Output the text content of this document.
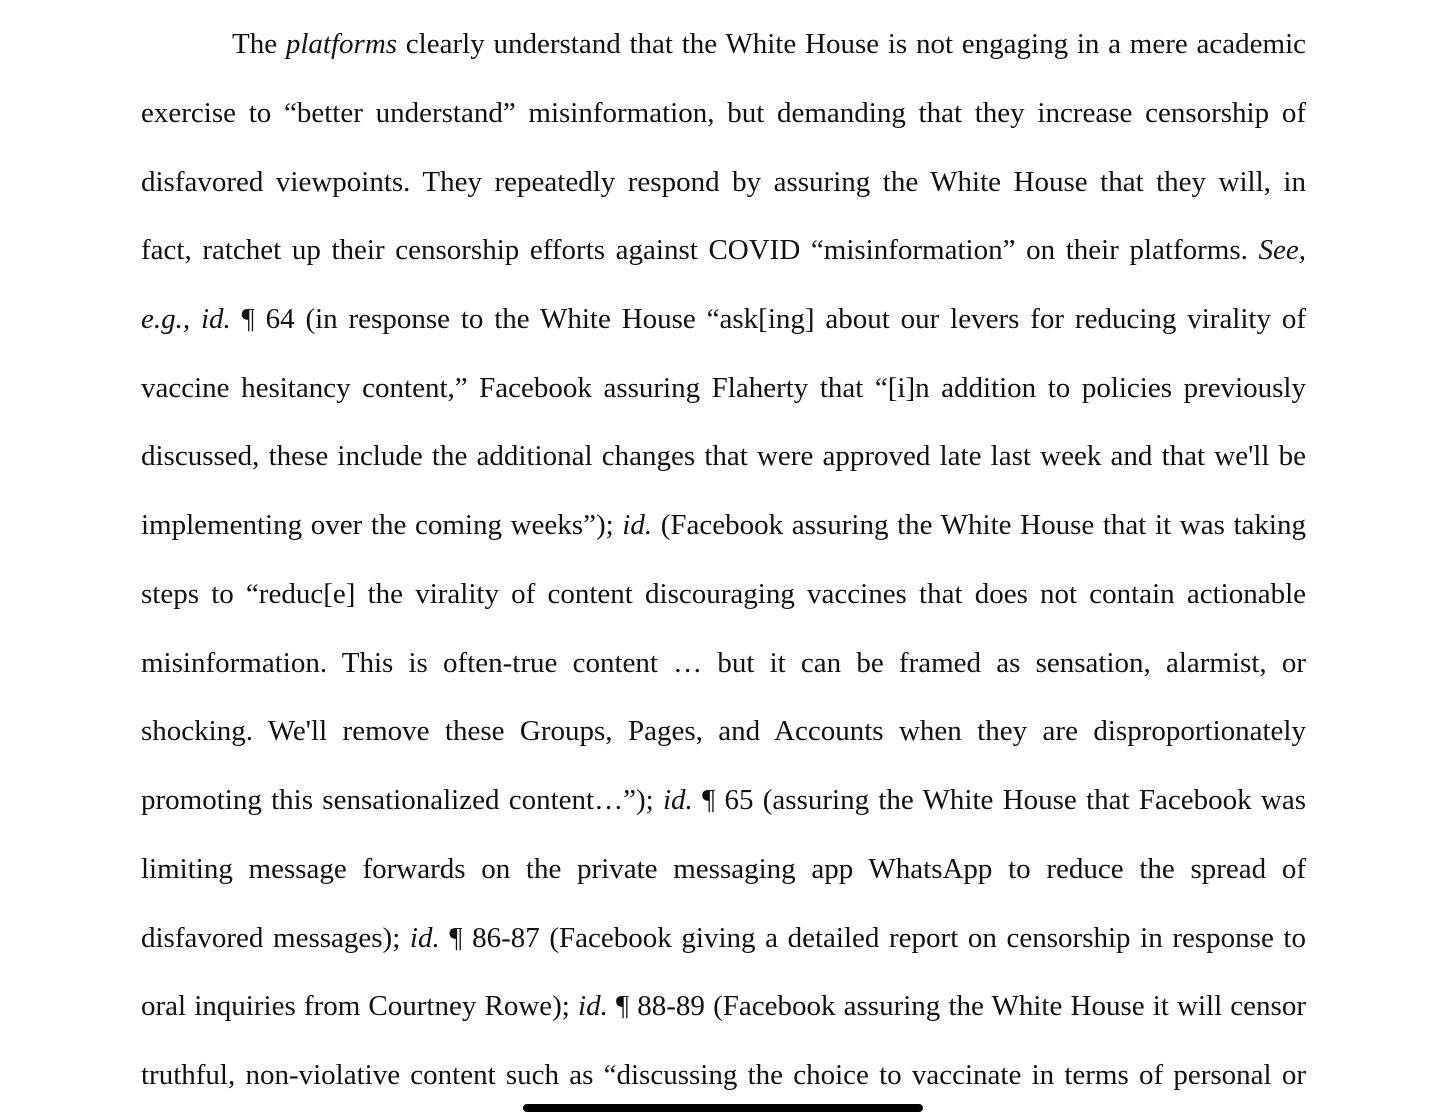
The platforms clearly understand that the White House is not engaging in a mere academic
exercise to “better understand” misinformation, but demanding that they increase censorship of
disfavored viewpoints. They repeatedly respond by assuring the White House that they will, in
fact, ratchet up their censorship efforts against COVID “misinformation” on their platforms. See,
e.g., id. ¶ 64 (in response to the White House “ask[ing] about our levers for reducing virality of
vaccine hesitancy content,” Facebook assuring Flaherty that “[i]n addition to policies previously
discussed, these include the additional changes that were approved late last week and that we'll be
implementing over the coming weeks”); id. (Facebook assuring the White House that it was taking
steps to “reduc[e] the virality of content discouraging vaccines that does not contain actionable
misinformation. This is often-true content … but it can be framed as sensation, alarmist, or
shocking. We'll remove these Groups, Pages, and Accounts when they are disproportionately
promoting this sensationalized content…”); id. ¶ 65 (assuring the White House that Facebook was
limiting message forwards on the private messaging app WhatsApp to reduce the spread of
disfavored messages); id. ¶ 86-87 (Facebook giving a detailed report on censorship in response to
oral inquiries from Courtney Rowe); id. ¶ 88-89 (Facebook assuring the White House it will censor
truthful, non-violative content such as “discussing the choice to vaccinate in terms of personal or
